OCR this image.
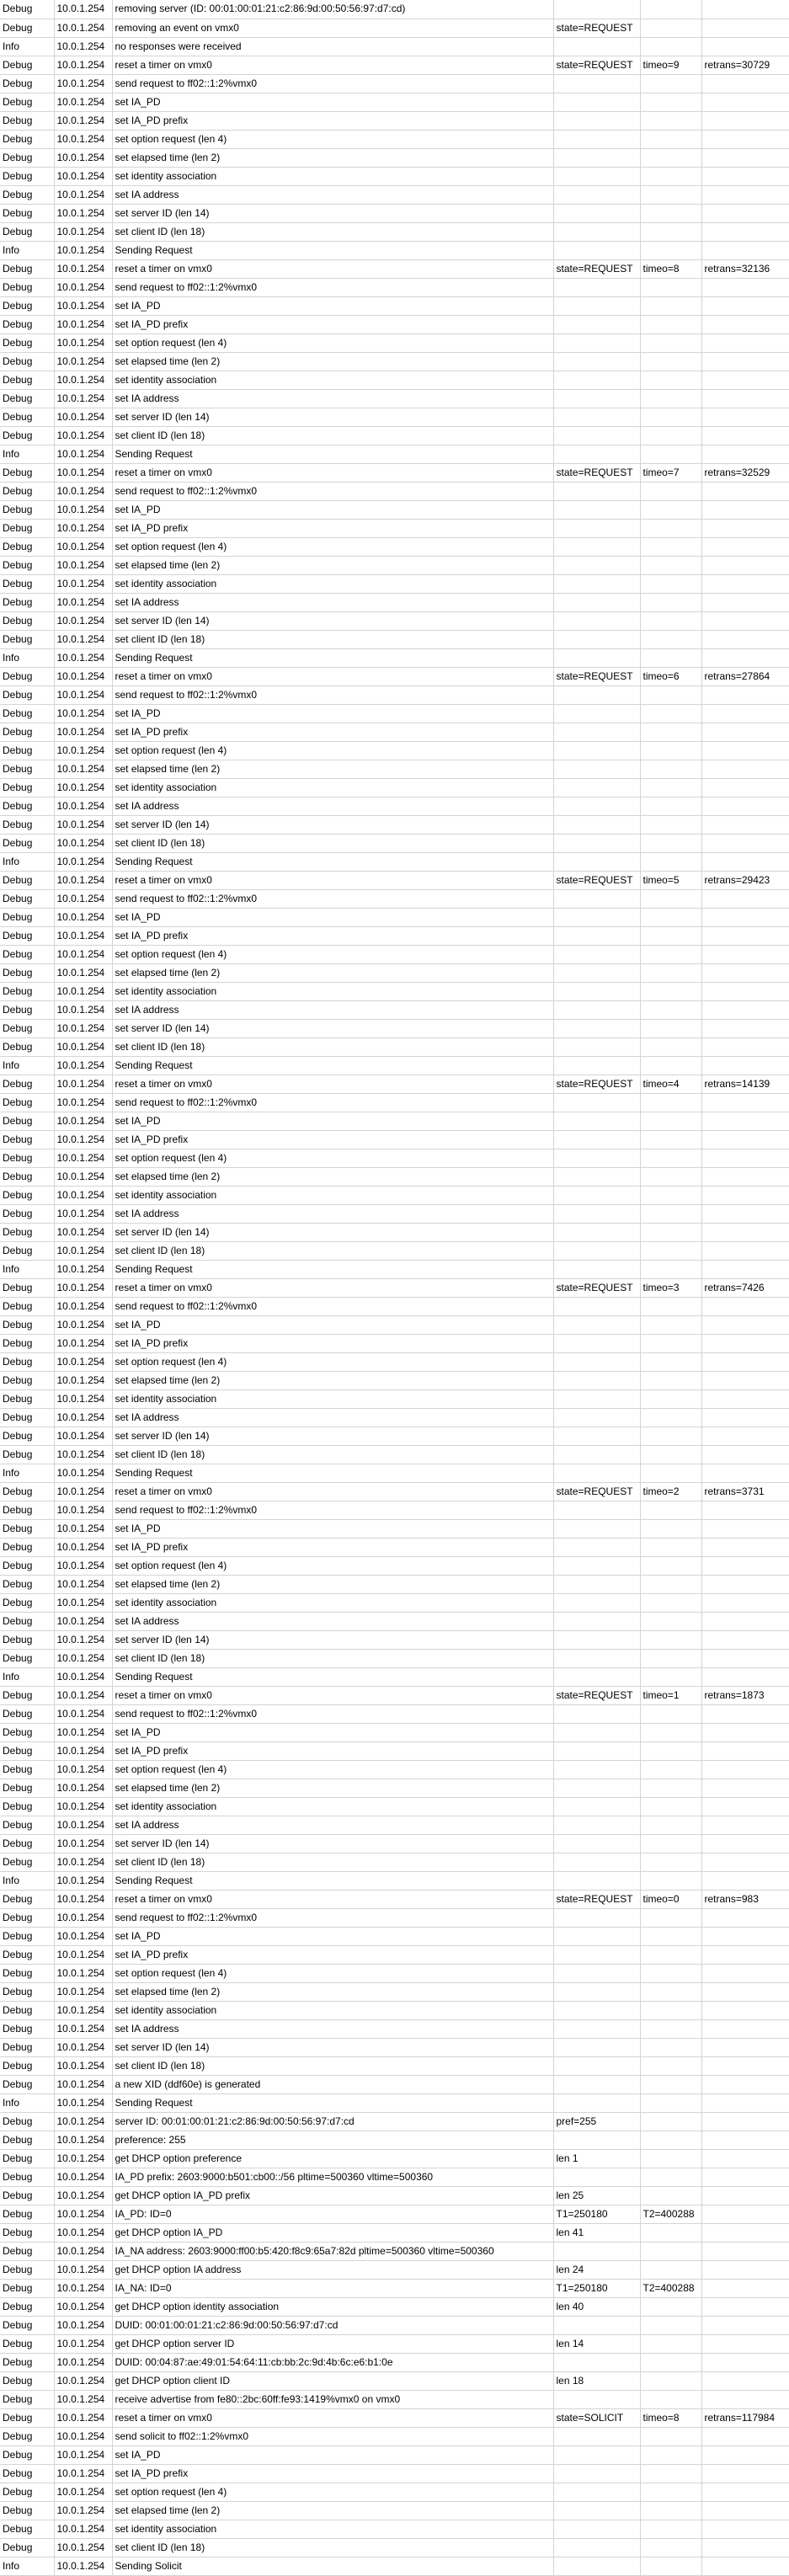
Debug	10.0.1.254	removing server (ID: 00:01:00:01:21:c2:86:9d:00:50:56:97:d7:cd)			
Debug	10.0.1.254	removing an event on vmx0	state=REQUEST		
Info	10.0.1.254	no responses were received			
Debug	10.0.1.254	reset a timer on vmx0	state=REQUEST	timeo=9	retrans=30729
Debug	10.0.1.254	send request to ff02::1:2%vmx0			
Debug	10.0.1.254	set IA_PD			
Debug	10.0.1.254	set IA_PD prefix			
Debug	10.0.1.254	set option request (len 4)			
Debug	10.0.1.254	set elapsed time (len 2)			
Debug	10.0.1.254	set identity association			
Debug	10.0.1.254	set IA address			
Debug	10.0.1.254	set server ID (len 14)			
Debug	10.0.1.254	set client ID (len 18)			
Info	10.0.1.254	Sending Request			
Debug	10.0.1.254	reset a timer on vmx0	state=REQUEST	timeo=8	retrans=32136
Debug	10.0.1.254	send request to ff02::1:2%vmx0			
Debug	10.0.1.254	set IA_PD			
Debug	10.0.1.254	set IA_PD prefix			
Debug	10.0.1.254	set option request (len 4)			
Debug	10.0.1.254	set elapsed time (len 2)			
Debug	10.0.1.254	set identity association			
Debug	10.0.1.254	set IA address			
Debug	10.0.1.254	set server ID (len 14)			
Debug	10.0.1.254	set client ID (len 18)			
Info	10.0.1.254	Sending Request			
Debug	10.0.1.254	reset a timer on vmx0	state=REQUEST	timeo=7	retrans=32529
Debug	10.0.1.254	send request to ff02::1:2%vmx0			
Debug	10.0.1.254	set IA_PD			
Debug	10.0.1.254	set IA_PD prefix			
Debug	10.0.1.254	set option request (len 4)			
Debug	10.0.1.254	set elapsed time (len 2)			
Debug	10.0.1.254	set identity association			
Debug	10.0.1.254	set IA address			
Debug	10.0.1.254	set server ID (len 14)			
Debug	10.0.1.254	set client ID (len 18)			
Info	10.0.1.254	Sending Request			
Debug	10.0.1.254	reset a timer on vmx0	state=REQUEST	timeo=6	retrans=27864
Debug	10.0.1.254	send request to ff02::1:2%vmx0			
Debug	10.0.1.254	set IA_PD			
Debug	10.0.1.254	set IA_PD prefix			
Debug	10.0.1.254	set option request (len 4)			
Debug	10.0.1.254	set elapsed time (len 2)			
Debug	10.0.1.254	set identity association			
Debug	10.0.1.254	set IA address			
Debug	10.0.1.254	set server ID (len 14)			
Debug	10.0.1.254	set client ID (len 18)			
Info	10.0.1.254	Sending Request			
Debug	10.0.1.254	reset a timer on vmx0	state=REQUEST	timeo=5	retrans=29423
Debug	10.0.1.254	send request to ff02::1:2%vmx0			
Debug	10.0.1.254	set IA_PD			
Debug	10.0.1.254	set IA_PD prefix			
Debug	10.0.1.254	set option request (len 4)			
Debug	10.0.1.254	set elapsed time (len 2)			
Debug	10.0.1.254	set identity association			
Debug	10.0.1.254	set IA address			
Debug	10.0.1.254	set server ID (len 14)			
Debug	10.0.1.254	set client ID (len 18)			
Info	10.0.1.254	Sending Request			
Debug	10.0.1.254	reset a timer on vmx0	state=REQUEST	timeo=4	retrans=14139
Debug	10.0.1.254	send request to ff02::1:2%vmx0			
Debug	10.0.1.254	set IA_PD			
Debug	10.0.1.254	set IA_PD prefix			
Debug	10.0.1.254	set option request (len 4)			
Debug	10.0.1.254	set elapsed time (len 2)			
Debug	10.0.1.254	set identity association			
Debug	10.0.1.254	set IA address			
Debug	10.0.1.254	set server ID (len 14)			
Debug	10.0.1.254	set client ID (len 18)			
Info	10.0.1.254	Sending Request			
Debug	10.0.1.254	reset a timer on vmx0	state=REQUEST	timeo=3	retrans=7426
Debug	10.0.1.254	send request to ff02::1:2%vmx0			
Debug	10.0.1.254	set IA_PD			
Debug	10.0.1.254	set IA_PD prefix			
Debug	10.0.1.254	set option request (len 4)			
Debug	10.0.1.254	set elapsed time (len 2)			
Debug	10.0.1.254	set identity association			
Debug	10.0.1.254	set IA address			
Debug	10.0.1.254	set server ID (len 14)			
Debug	10.0.1.254	set client ID (len 18)			
Info	10.0.1.254	Sending Request			
Debug	10.0.1.254	reset a timer on vmx0	state=REQUEST	timeo=2	retrans=3731
Debug	10.0.1.254	send request to ff02::1:2%vmx0			
Debug	10.0.1.254	set IA_PD			
Debug	10.0.1.254	set IA_PD prefix			
Debug	10.0.1.254	set option request (len 4)			
Debug	10.0.1.254	set elapsed time (len 2)			
Debug	10.0.1.254	set identity association			
Debug	10.0.1.254	set IA address			
Debug	10.0.1.254	set server ID (len 14)			
Debug	10.0.1.254	set client ID (len 18)			
Info	10.0.1.254	Sending Request			
Debug	10.0.1.254	reset a timer on vmx0	state=REQUEST	timeo=1	retrans=1873
Debug	10.0.1.254	send request to ff02::1:2%vmx0			
Debug	10.0.1.254	set IA_PD			
Debug	10.0.1.254	set IA_PD prefix			
Debug	10.0.1.254	set option request (len 4)			
Debug	10.0.1.254	set elapsed time (len 2)			
Debug	10.0.1.254	set identity association			
Debug	10.0.1.254	set IA address			
Debug	10.0.1.254	set server ID (len 14)			
Debug	10.0.1.254	set client ID (len 18)			
Info	10.0.1.254	Sending Request			
Debug	10.0.1.254	reset a timer on vmx0	state=REQUEST	timeo=0	retrans=983
Debug	10.0.1.254	send request to ff02::1:2%vmx0			
Debug	10.0.1.254	set IA_PD			
Debug	10.0.1.254	set IA_PD prefix			
Debug	10.0.1.254	set option request (len 4)			
Debug	10.0.1.254	set elapsed time (len 2)			
Debug	10.0.1.254	set identity association			
Debug	10.0.1.254	set IA address			
Debug	10.0.1.254	set server ID (len 14)			
Debug	10.0.1.254	set client ID (len 18)			
Debug	10.0.1.254	a new XID (ddf60e) is generated			
Info	10.0.1.254	Sending Request			
Debug	10.0.1.254	server ID: 00:01:00:01:21:c2:86:9d:00:50:56:97:d7:cd	pref=255		
Debug	10.0.1.254	preference: 255			
Debug	10.0.1.254	get DHCP option preference	len 1		
Debug	10.0.1.254	IA_PD prefix: 2603:9000:b501:cb00::/56 pltime=500360 vltime=500360			
Debug	10.0.1.254	get DHCP option IA_PD prefix	len 25		
Debug	10.0.1.254	IA_PD: ID=0	T1=250180	T2=400288	
Debug	10.0.1.254	get DHCP option IA_PD	len 41		
Debug	10.0.1.254	IA_NA address: 2603:9000:ff00:b5:420:f8c9:65a7:82d pltime=500360 vltime=500360			
Debug	10.0.1.254	get DHCP option IA address	len 24		
Debug	10.0.1.254	IA_NA: ID=0	T1=250180	T2=400288	
Debug	10.0.1.254	get DHCP option identity association	len 40		
Debug	10.0.1.254	DUID: 00:01:00:01:21:c2:86:9d:00:50:56:97:d7:cd			
Debug	10.0.1.254	get DHCP option server ID	len 14		
Debug	10.0.1.254	DUID: 00:04:87:ae:49:01:54:64:11:cb:bb:2c:9d:4b:6c:e6:b1:0e			
Debug	10.0.1.254	get DHCP option client ID	len 18		
Debug	10.0.1.254	receive advertise from fe80::2bc:60ff:fe93:1419%vmx0 on vmx0			
Debug	10.0.1.254	reset a timer on vmx0	state=SOLICIT	timeo=8	retrans=117984
Debug	10.0.1.254	send solicit to ff02::1:2%vmx0			
Debug	10.0.1.254	set IA_PD			
Debug	10.0.1.254	set IA_PD prefix			
Debug	10.0.1.254	set option request (len 4)			
Debug	10.0.1.254	set elapsed time (len 2)			
Debug	10.0.1.254	set identity association			
Debug	10.0.1.254	set client ID (len 18)			
Info	10.0.1.254	Sending Solicit			
